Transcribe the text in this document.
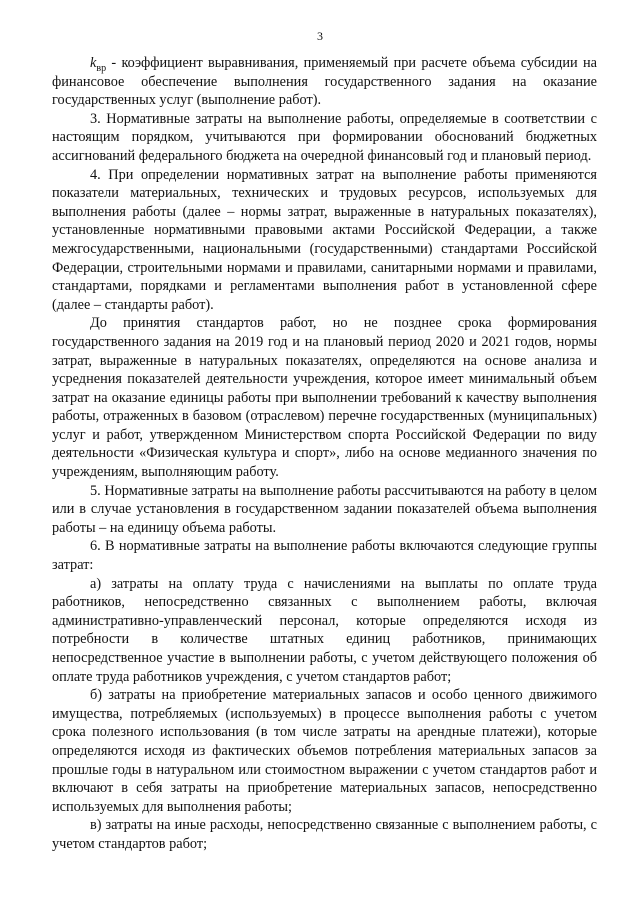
3

$k_{вр}$ - коэффициент выравнивания, применяемый при расчете объема субсидии на финансовое обеспечение выполнения государственного задания на оказание государственных услуг (выполнение работ).

3. Нормативные затраты на выполнение работы, определяемые в соответствии с настоящим порядком, учитываются при формировании обоснований бюджетных ассигнований федерального бюджета на очередной финансовый год и плановый период.

4. При определении нормативных затрат на выполнение работы применяются показатели материальных, технических и трудовых ресурсов, используемых для выполнения работы (далее – нормы затрат, выраженные в натуральных показателях), установленные нормативными правовыми актами Российской Федерации, а также межгосударственными, национальными (государственными) стандартами Российской Федерации, строительными нормами и правилами, санитарными нормами и правилами, стандартами, порядками и регламентами выполнения работ в установленной сфере (далее – стандарты работ).

До принятия стандартов работ, но не позднее срока формирования государственного задания на 2019 год и на плановый период 2020 и 2021 годов, нормы затрат, выраженные в натуральных показателях, определяются на основе анализа и усреднения показателей деятельности учреждения, которое имеет минимальный объем затрат на оказание единицы работы при выполнении требований к качеству выполнения работы, отраженных в базовом (отраслевом) перечне государственных (муниципальных) услуг и работ, утвержденном Министерством спорта Российской Федерации по виду деятельности «Физическая культура и спорт», либо на основе медианного значения по учреждениям, выполняющим работу.

5. Нормативные затраты на выполнение работы рассчитываются на работу в целом или в случае установления в государственном задании показателей объема выполнения работы – на единицу объема работы.

6. В нормативные затраты на выполнение работы включаются следующие группы затрат:

а) затраты на оплату труда с начислениями на выплаты по оплате труда работников, непосредственно связанных с выполнением работы, включая административно-управленческий персонал, которые определяются исходя из потребности в количестве штатных единиц работников, принимающих непосредственное участие в выполнении работы, с учетом действующего положения об оплате труда работников учреждения, с учетом стандартов работ;

б) затраты на приобретение материальных запасов и особо ценного движимого имущества, потребляемых (используемых) в процессе выполнения работы с учетом срока полезного использования (в том числе затраты на арендные платежи), которые определяются исходя из фактических объемов потребления материальных запасов за прошлые годы в натуральном или стоимостном выражении с учетом стандартов работ и включают в себя затраты на приобретение материальных запасов, непосредственно используемых для выполнения работы;

в) затраты на иные расходы, непосредственно связанные с выполнением работы, с учетом стандартов работ;
